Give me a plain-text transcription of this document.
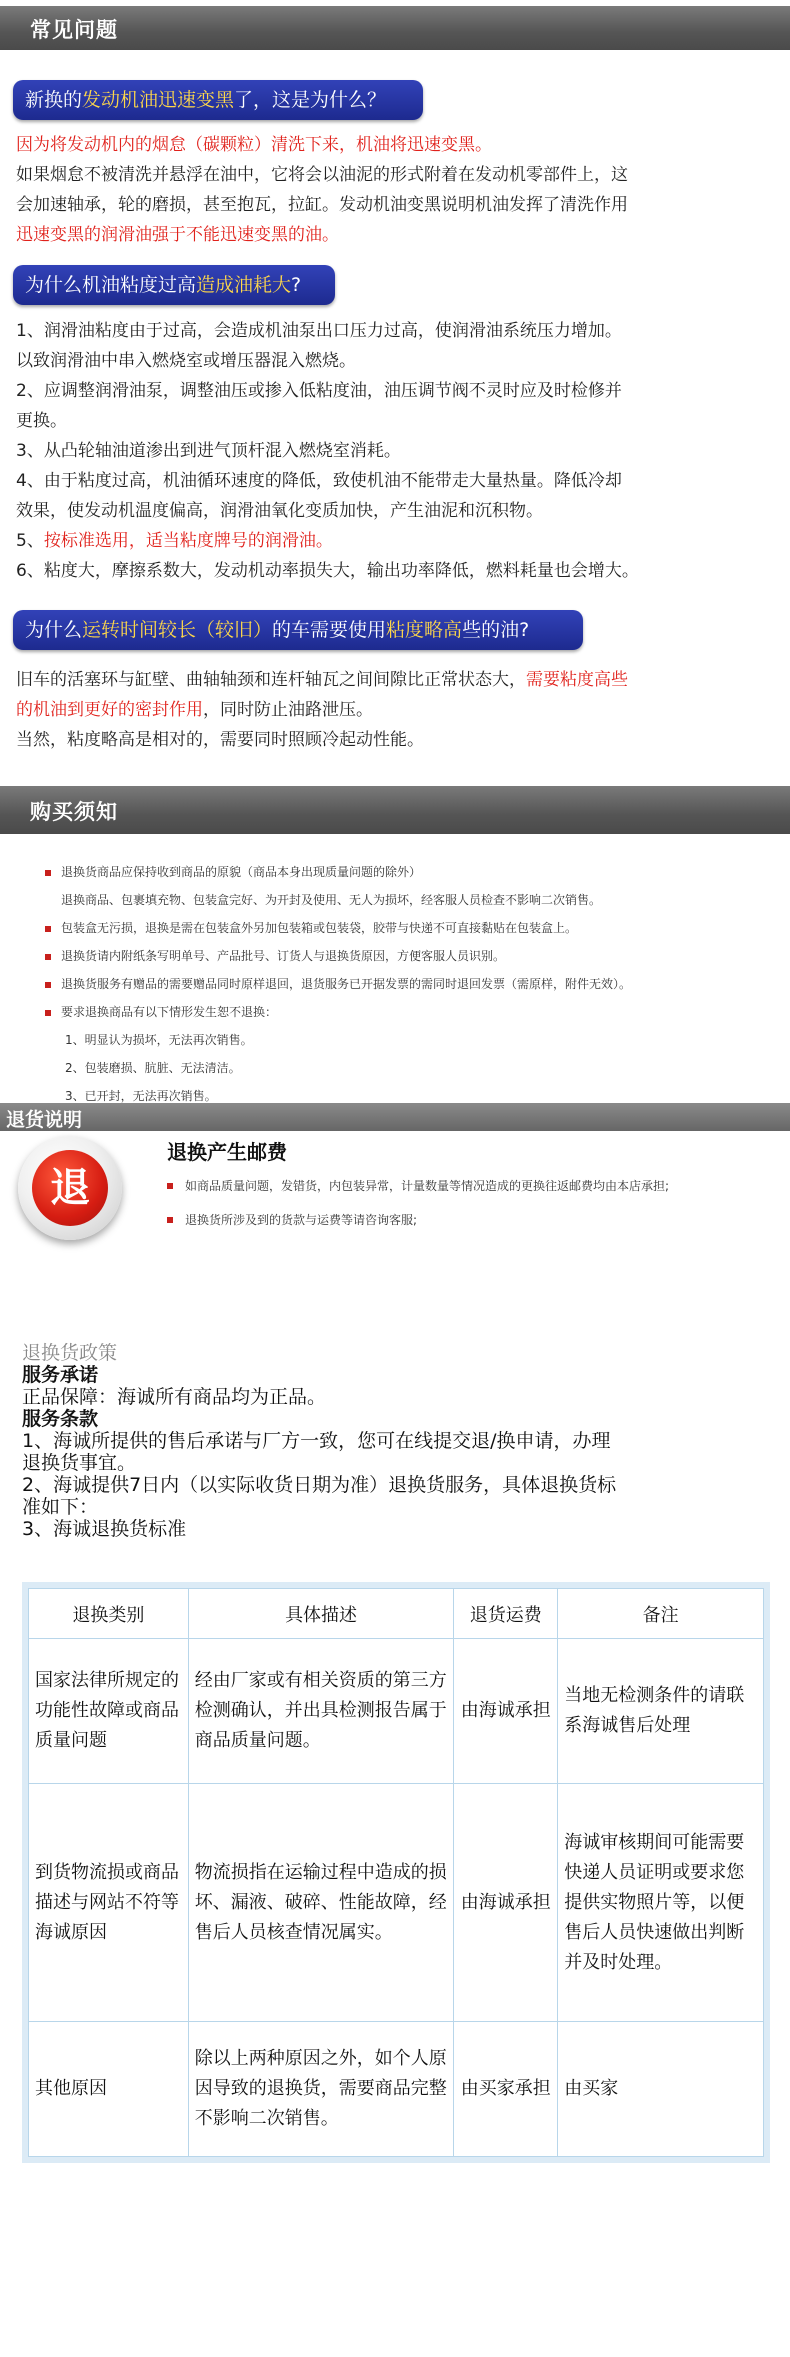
常见问题
新换的发动机油迅速变黑了，这是为什么？

因为将发动机内的烟怠（碳颗粒）清洗下来，机油将迅速变黑。

如果烟怠不被清洗并悬浮在油中，它将会以油泥的形式附着在发动机零部件上，这

会加速轴承，轮的磨损，甚至抱瓦，拉缸。发动机油变黑说明机油发挥了清洗作用

迅速变黑的润滑油强于不能迅速变黑的油。

为什么机油粘度过高造成油耗大?

1、润滑油粘度由于过高，会造成机油泵出口压力过高，使润滑油系统压力增加。

以致润滑油中串入燃烧室或增压器混入燃烧。

2、应调整润滑油泵，调整油压或掺入低粘度油，油压调节阀不灵时应及时检修并

更换。

3、从凸轮轴油道渗出到进气顶杆混入燃烧室消耗。

4、由于粘度过高，机油循环速度的降低，致使机油不能带走大量热量。降低冷却

效果，使发动机温度偏高，润滑油氧化变质加快，产生油泥和沉积物。

5、按标准选用，适当粘度牌号的润滑油。

6、粘度大，摩擦系数大，发动机动率损失大，输出功率降低，燃料耗量也会增大。

为什么运转时间较长（较旧）的车需要使用粘度略高些的油?

旧车的活塞环与缸壁、曲轴轴颈和连杆轴瓦之间间隙比正常状态大，需要粘度高些

的机油到更好的密封作用，同时防止油路泄压。

当然，粘度略高是相对的，需要同时照顾冷起动性能。

购买须知
退换货商品应保持收到商品的原貌（商品本身出现质量问题的除外）
退换商品、包裹填充物、包装盒完好、为开封及使用、无人为损坏，经客服人员检查不影响二次销售。
包装盒无污损，退换是需在包装盒外另加包装箱或包装袋，胶带与快递不可直接黏贴在包装盒上。
退换货请内附纸条写明单号、产品批号、订货人与退换货原因，方便客服人员识别。
退换货服务有赠品的需要赠品同时原样退回，退货服务已开据发票的需同时退回发票（需原样，附件无效）。
要求退换商品有以下情形发生恕不退换：
1、明显认为损坏，无法再次销售。
2、包装磨损、肮脏、无法清洁。
3、已开封，无法再次销售。
退货说明
退
退换产生邮费
如商品质量问题，发错货，内包装异常，计量数量等情况造成的更换往返邮费均由本店承担;
退换货所涉及到的货款与运费等请咨询客服;

退换货政策

服务承诺

正品保障：海诚所有商品均为正品。

服务条款

1、海诚所提供的售后承诺与厂方一致，您可在线提交退/换申请，办理

退换货事宜。

2、海诚提供7日内（以实际收货日期为准）退换货服务，具体退换货标

准如下：

3、海诚退换货标准

退换类别	具体描述	退货运费	备注
国家法律所规定的功能性故障或商品质量问题	经由厂家或有相关资质的第三方检测确认，并出具检测报告属于商品质量问题。	由海诚承担	当地无检测条件的请联系海诚售后处理
到货物流损或商品描述与网站不符等海诚原因	物流损指在运输过程中造成的损坏、漏液、破碎、性能故障，经售后人员核查情况属实。	由海诚承担	海诚审核期间可能需要快递人员证明或要求您提供实物照片等，以便售后人员快速做出判断并及时处理。
其他原因	除以上两种原因之外，如个人原因导致的退换货，需要商品完整不影响二次销售。	由买家承担	由买家
